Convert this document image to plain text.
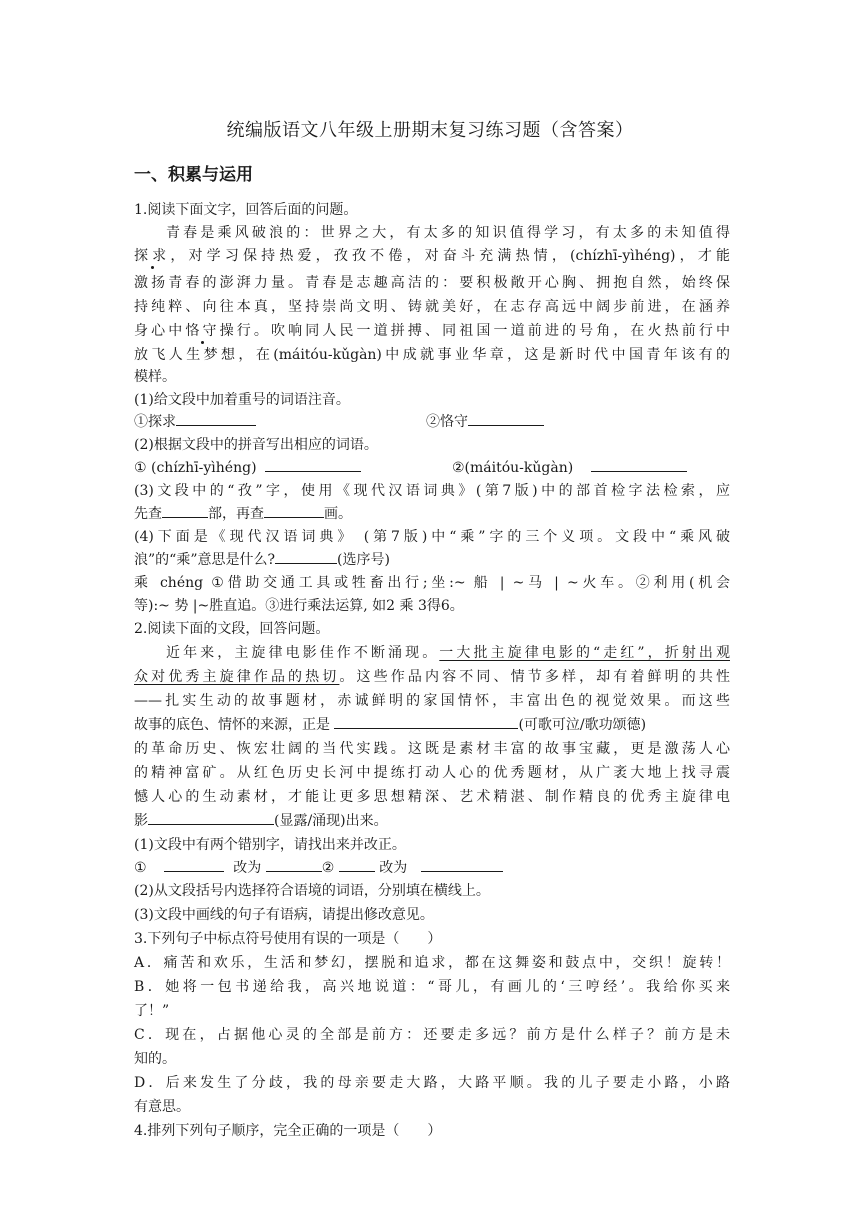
统编版语文八年级上册期末复习练习题（含答案）
一、积累与运用
1.阅读下面文字，回答后面的问题。
青春是乘风破浪的：世界之大，有太多的知识值得学习，有太多的未知值得
探求，对学习保持热爱，孜孜不倦，对奋斗充满热情，(chízhī-yìhéng)，才能
激扬青春的澎湃力量。青春是志趣高洁的：要积极敞开心胸、拥抱自然，始终保
持纯粹、向往本真，坚持崇尚文明、铸就美好，在志存高远中阔步前进，在涵养
身心中恪守操行。吹响同人民一道拼搏、同祖国一道前进的号角，在火热前行中
放飞人生梦想，在(máitóu-kǔgàn)中成就事业华章，这是新时代中国青年该有的
模样。
(1)给文段中加着重号的词语注音。
①探求	②恪守
(2)根据文段中的拼音写出相应的词语。
① (chízhī-yìhéng)	②(máitóu-kǔgàn)
(3)文段中的“孜”字，使用《现代汉语词典》(第7版)中的部首检字法检索，应
先查	部，再查	画。
(4)下面是《现代汉语词典》 (第7版)中“乘”字的三个义项。文段中“乘风破
浪”的“乘”意思是什么?	(选序号)
乘 chéng ①借助交通工具或牲畜出行;坐:~ 船 | ~马 | ~火车。②利用(机会
等):~ 势 |~胜直追。③进行乘法运算, 如2 乘 3得6。
2.阅读下面的文段，回答问题。
近年来，主旋律电影佳作不断涌现。一大批主旋律电影的“走红”，折射出观
众对优秀主旋律作品的热切。这些作品内容不同、情节多样，却有着鲜明的共性
——扎实生动的故事题材，赤诚鲜明的家国情怀，丰富出色的视觉效果。而这些
故事的底色、情怀的来源，正是	(可歌可泣/歌功颂德)
的革命历史、恢宏壮阔的当代实践。这既是素材丰富的故事宝藏，更是激荡人心
的精神富矿。从红色历史长河中提练打动人心的优秀题材，从广袤大地上找寻震
憾人心的生动素材，才能让更多思想精深、艺术精湛、制作精良的优秀主旋律电
影	(显露/涌现)出来。
(1)文段中有两个错别字，请找出来并改正。
①	改为	②	改为
(2)从文段括号内选择符合语境的词语，分别填在横线上。
(3)文段中画线的句子有语病，请提出修改意见。
3.下列句子中标点符号使用有误的一项是（　　）
A．痛苦和欢乐，生活和梦幻，摆脱和追求，都在这舞姿和鼓点中，交织！旋转！
B．她将一包书递给我，高兴地说道：“哥儿，有画儿的‘三哼经’。我给你买来
了！”
C．现在，占据他心灵的全部是前方：还要走多远？前方是什么样子？前方是未
知的。
D．后来发生了分歧，我的母亲要走大路，大路平顺。我的儿子要走小路，小路
有意思。
4.排列下列句子顺序，完全正确的一项是（　　）
